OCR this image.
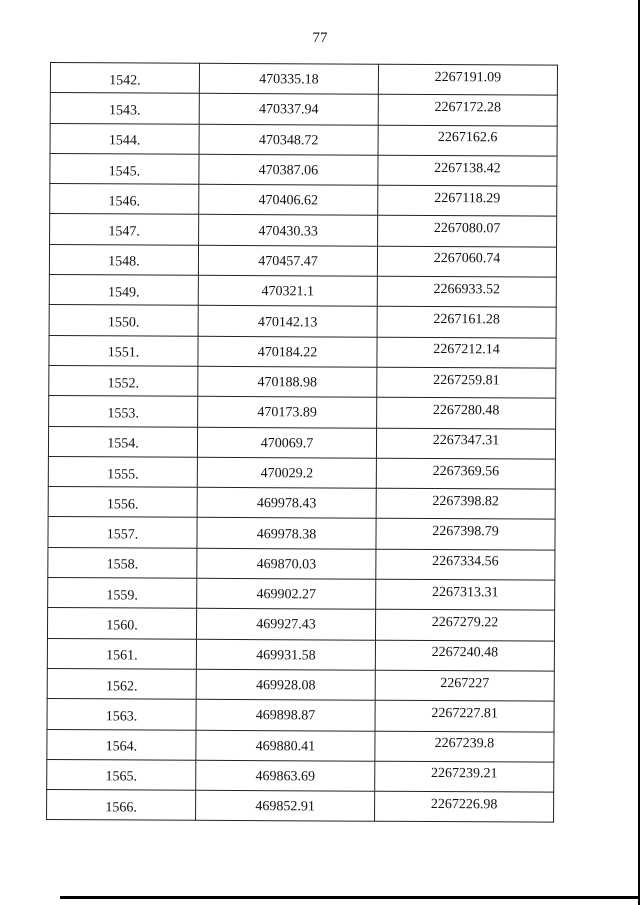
77
1542.	470335.18	2267191.09
1543.	470337.94	2267172.28
1544.	470348.72	2267162.6
1545.	470387.06	2267138.42
1546.	470406.62	2267118.29
1547.	470430.33	2267080.07
1548.	470457.47	2267060.74
1549.	470321.1	2266933.52
1550.	470142.13	2267161.28
1551.	470184.22	2267212.14
1552.	470188.98	2267259.81
1553.	470173.89	2267280.48
1554.	470069.7	2267347.31
1555.	470029.2	2267369.56
1556.	469978.43	2267398.82
1557.	469978.38	2267398.79
1558.	469870.03	2267334.56
1559.	469902.27	2267313.31
1560.	469927.43	2267279.22
1561.	469931.58	2267240.48
1562.	469928.08	2267227
1563.	469898.87	2267227.81
1564.	469880.41	2267239.8
1565.	469863.69	2267239.21
1566.	469852.91	2267226.98
